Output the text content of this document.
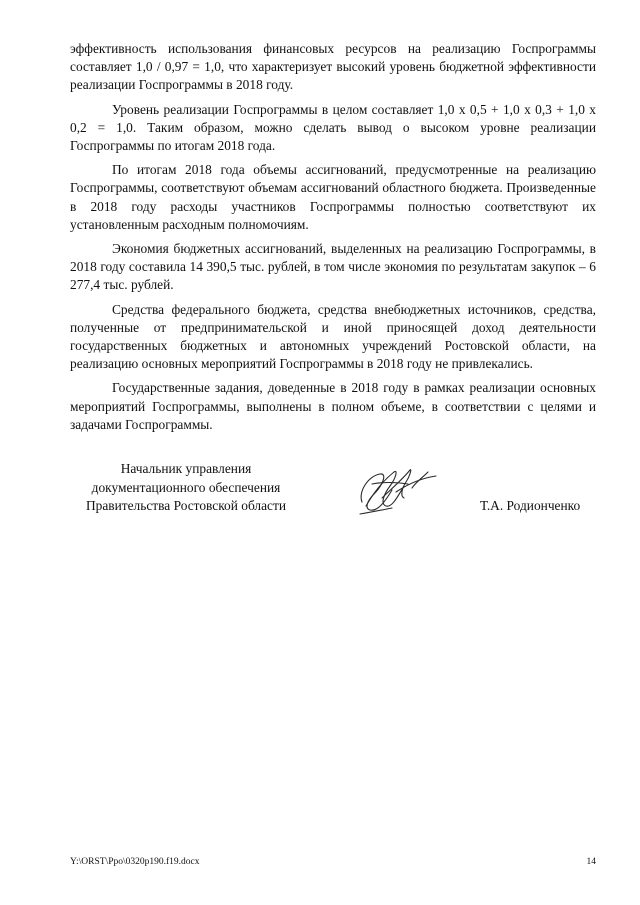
эффективность использования финансовых ресурсов на реализацию Госпрограммы составляет 1,0 / 0,97 = 1,0, что характеризует высокий уровень бюджетной эффективности реализации Госпрограммы в 2018 году.

Уровень реализации Госпрограммы в целом составляет 1,0 х 0,5 + 1,0 х 0,3 + 1,0 х 0,2 = 1,0. Таким образом, можно сделать вывод о высоком уровне реализации Госпрограммы по итогам 2018 года.

По итогам 2018 года объемы ассигнований, предусмотренные на реализацию Госпрограммы, соответствуют объемам ассигнований областного бюджета. Произведенные в 2018 году расходы участников Госпрограммы полностью соответствуют их установленным расходным полномочиям.

Экономия бюджетных ассигнований, выделенных на реализацию Госпрограммы, в 2018 году составила 14 390,5 тыс. рублей, в том числе экономия по результатам закупок – 6 277,4 тыс. рублей.

Средства федерального бюджета, средства внебюджетных источников, средства, полученные от предпринимательской и иной приносящей доход деятельности государственных бюджетных и автономных учреждений Ростовской области, на реализацию основных мероприятий Госпрограммы в 2018 году не привлекались.

Государственные задания, доведенные в 2018 году в рамках реализации основных мероприятий Госпрограммы, выполнены в полном объеме, в соответствии с целями и задачами Госпрограммы.

Начальник управления
документационного обеспечения
Правительства Ростовской области	Т.А. Родионченко
Y:\ORST\Ppo\0320p190.f19.docx	14
